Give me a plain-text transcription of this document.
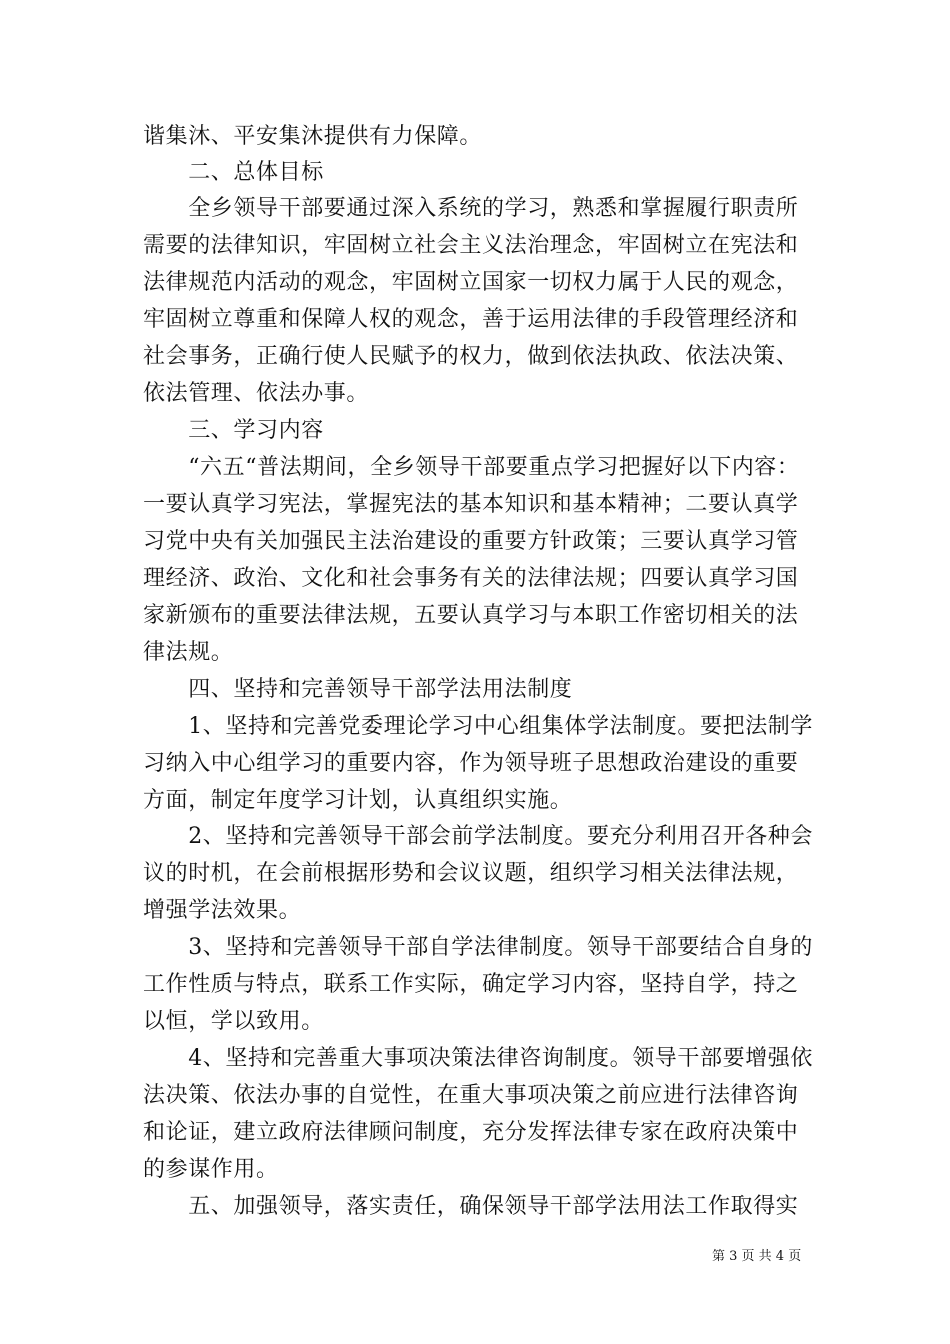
谐集沐、平安集沐提供有力保障。

　　二、总体目标

　　全乡领导干部要通过深入系统的学习，熟悉和掌握履行职责所

需要的法律知识，牢固树立社会主义法治理念，牢固树立在宪法和

法律规范内活动的观念，牢固树立国家一切权力属于人民的观念，

牢固树立尊重和保障人权的观念，善于运用法律的手段管理经济和

社会事务，正确行使人民赋予的权力，做到依法执政、依法决策、

依法管理、依法办事。

　　三、学习内容

　　“六五“普法期间，全乡领导干部要重点学习把握好以下内容：

一要认真学习宪法，掌握宪法的基本知识和基本精神；二要认真学

习党中央有关加强民主法治建设的重要方针政策；三要认真学习管

理经济、政治、文化和社会事务有关的法律法规；四要认真学习国

家新颁布的重要法律法规，五要认真学习与本职工作密切相关的法

律法规。

　　四、坚持和完善领导干部学法用法制度

　　1、坚持和完善党委理论学习中心组集体学法制度。要把法制学

习纳入中心组学习的重要内容，作为领导班子思想政治建设的重要

方面，制定年度学习计划，认真组织实施。

　　2、坚持和完善领导干部会前学法制度。要充分利用召开各种会

议的时机，在会前根据形势和会议议题，组织学习相关法律法规，

增强学法效果。

　　3、坚持和完善领导干部自学法律制度。领导干部要结合自身的

工作性质与特点，联系工作实际，确定学习内容，坚持自学，持之

以恒，学以致用。

　　4、坚持和完善重大事项决策法律咨询制度。领导干部要增强依

法决策、依法办事的自觉性，在重大事项决策之前应进行法律咨询

和论证，建立政府法律顾问制度，充分发挥法律专家在政府决策中

的参谋作用。

　　五、加强领导，落实责任，确保领导干部学法用法工作取得实

第 3 页 共 4 页
